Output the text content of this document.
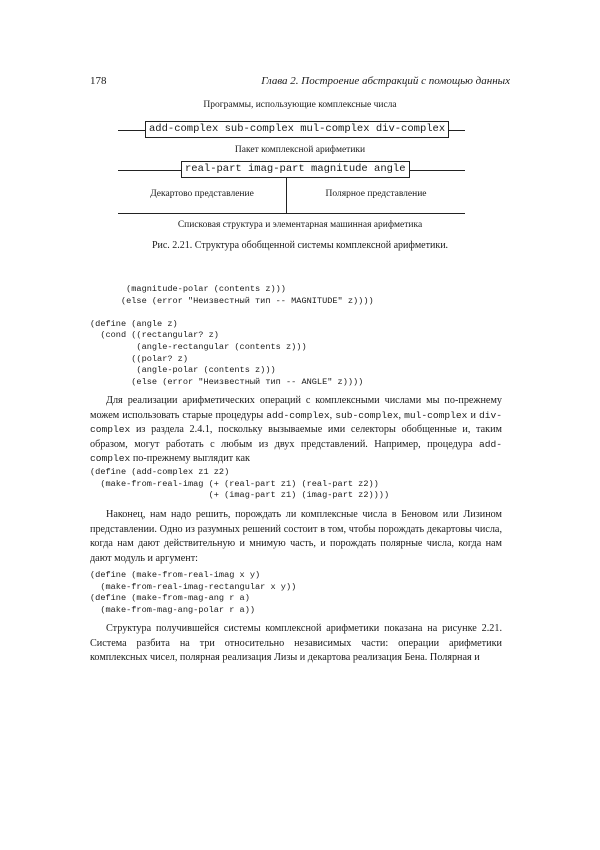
178	Глава 2. Построение абстракций с помощью данных
Программы, использующие комплексные числа
add-complex sub-complex mul-complex div-complex
Пакет комплексной арифметики
real-part imag-part magnitude angle
Декартово представление	Полярное представление
Списковая структура и элементарная машинная арифметика
Рис. 2.21. Структура обобщенной системы комплексной арифметики.
(magnitude-polar (contents z)))
(else (error "Неизвестный тип -- MAGNITUDE" z))))

(define (angle z)
(cond ((rectangular? z)
(angle-rectangular (contents z)))
((polar? z)
(angle-polar (contents z)))
(else (error "Неизвестный тип -- ANGLE" z))))

Для реализации арифметических операций с комплексными числами мы по-прежнему можем использовать старые процедуры add-complex, sub-complex, mul-complex и div-complex из раздела 2.4.1, поскольку вызываемые ими селекторы обобщенные и, таким образом, могут работать с любым из двух представлений. Например, процедура add-complex по-прежнему выглядит как

(define (add-complex z1 z2)
(make-from-real-imag (+ (real-part z1) (real-part z2))
(+ (imag-part z1) (imag-part z2))))

Наконец, нам надо решить, порождать ли комплексные числа в Беновом или Лизином представлении. Одно из разумных решений состоит в том, чтобы порождать декартовы числа, когда нам дают действительную и мнимую часть, и порождать полярные числа, когда нам дают модуль и аргумент:

(define (make-from-real-imag x y)
(make-from-real-imag-rectangular x y))
(define (make-from-mag-ang r a)
(make-from-mag-ang-polar r a))

Структура получившейся системы комплексной арифметики показана на рисунке 2.21. Система разбита на три относительно независимых части: операции арифметики комплексных чисел, полярная реализация Лизы и декартова реализация Бена. Полярная и
